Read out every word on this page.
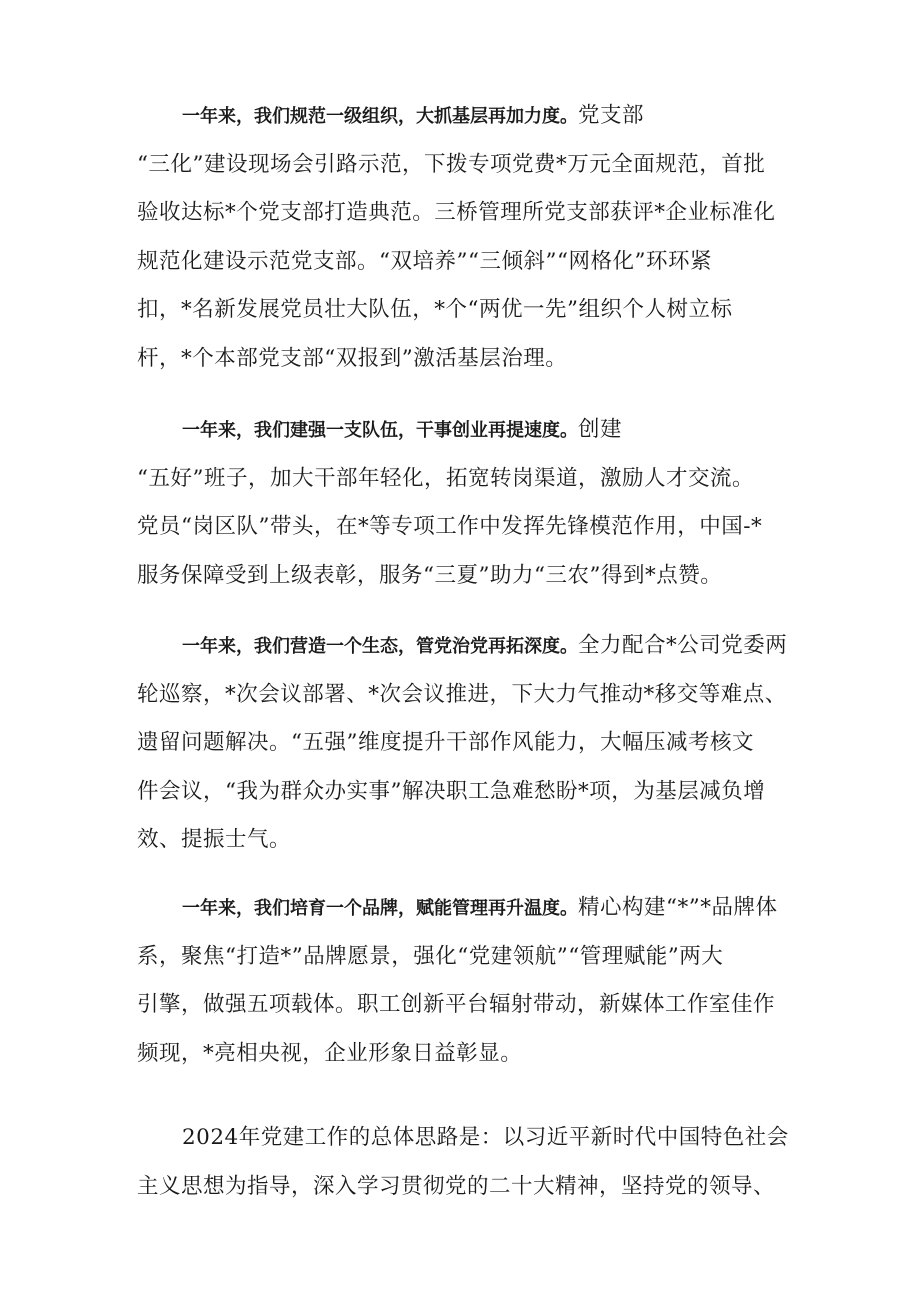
一年来，我们规范一级组织，大抓基层再加力度。党支部
“三化”建设现场会引路示范，下拨专项党费*万元全面规范，首批
验收达标*个党支部打造典范。三桥管理所党支部获评*企业标准化
规范化建设示范党支部。“双培养”“三倾斜”“网格化”环环紧
扣，*名新发展党员壮大队伍，*个“两优一先”组织个人树立标
杆，*个本部党支部“双报到”激活基层治理。
一年来，我们建强一支队伍，干事创业再提速度。创建
“五好”班子，加大干部年轻化，拓宽转岗渠道，激励人才交流。
党员“岗区队”带头，在*等专项工作中发挥先锋模范作用，中国-*
服务保障受到上级表彰，服务“三夏”助力“三农”得到*点赞。
一年来，我们营造一个生态，管党治党再拓深度。全力配合*公司党委两
轮巡察，*次会议部署、*次会议推进，下大力气推动*移交等难点、
遗留问题解决。“五强”维度提升干部作风能力，大幅压减考核文
件会议，“我为群众办实事”解决职工急难愁盼*项，为基层减负增
效、提振士气。
一年来，我们培育一个品牌，赋能管理再升温度。精心构建“*”*品牌体
系，聚焦“打造*”品牌愿景，强化“党建领航”“管理赋能”两大
引擎，做强五项载体。职工创新平台辐射带动，新媒体工作室佳作
频现，*亮相央视，企业形象日益彰显。
2024年党建工作的总体思路是：以习近平新时代中国特色社会
主义思想为指导，深入学习贯彻党的二十大精神，坚持党的领导、
